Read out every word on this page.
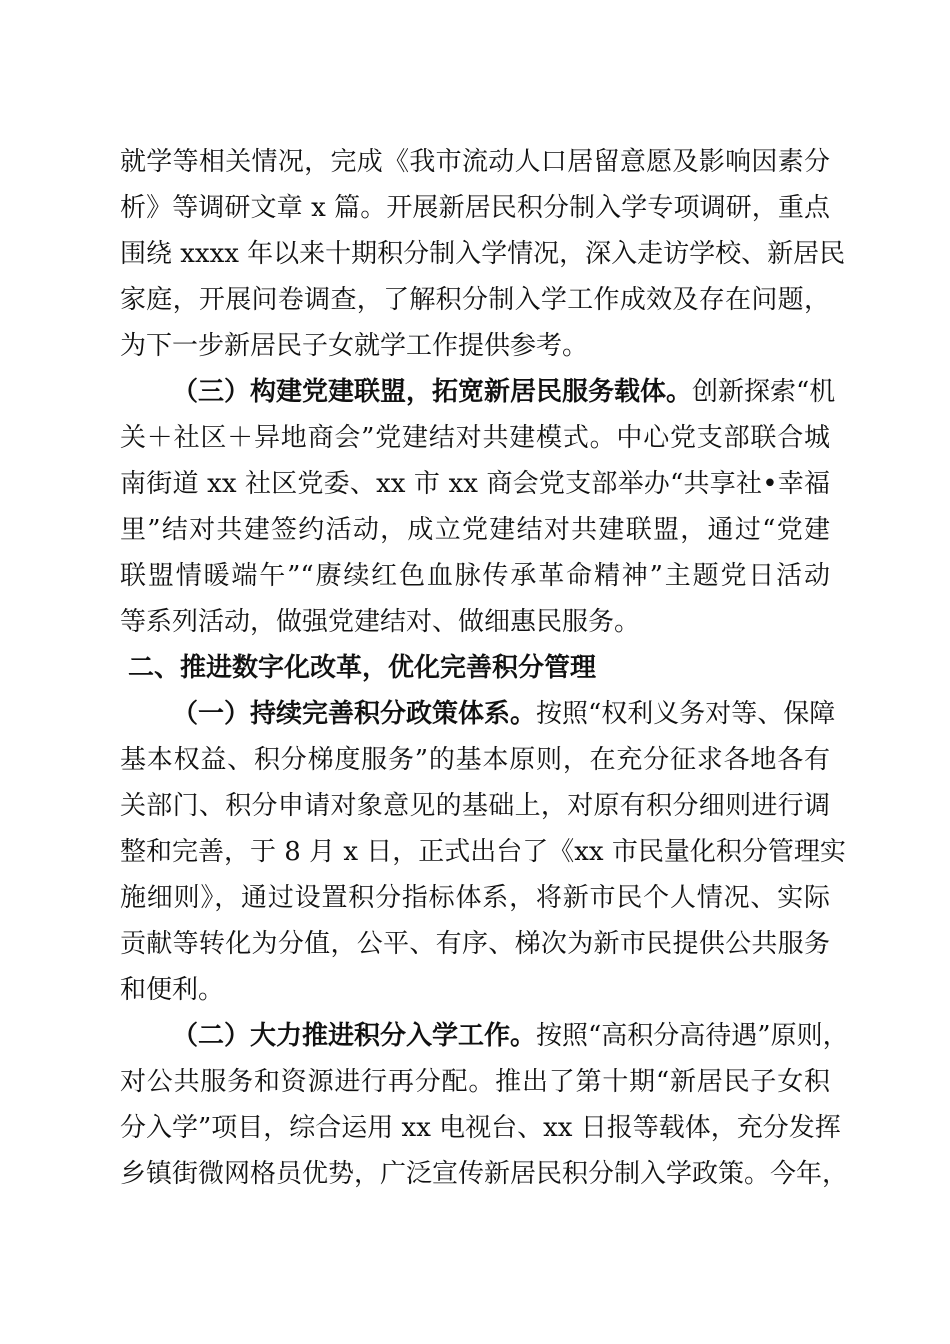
就学等相关情况，完成《我市流动人口居留意愿及影响因素分
析》等调研文章 x 篇。开展新居民积分制入学专项调研，重点
围绕 xxxx 年以来十期积分制入学情况，深入走访学校、新居民
家庭，开展问卷调查，了解积分制入学工作成效及存在问题，
为下一步新居民子女就学工作提供参考。
（三）构建党建联盟，拓宽新居民服务载体。创新探索“机
关＋社区＋异地商会”党建结对共建模式。中心党支部联合城
南街道 xx 社区党委、xx 市 xx 商会党支部举办“共享社•幸福
里”结对共建签约活动，成立党建结对共建联盟，通过“党建
联盟情暖端午”“赓续红色血脉传承革命精神”主题党日活动
等系列活动，做强党建结对、做细惠民服务。
二、推进数字化改革，优化完善积分管理
（一）持续完善积分政策体系。按照“权利义务对等、保障
基本权益、积分梯度服务”的基本原则，在充分征求各地各有
关部门、积分申请对象意见的基础上，对原有积分细则进行调
整和完善，于 8 月 x 日，正式出台了《xx 市民量化积分管理实
施细则》，通过设置积分指标体系，将新市民个人情况、实际
贡献等转化为分值，公平、有序、梯次为新市民提供公共服务
和便利。
（二）大力推进积分入学工作。按照“高积分高待遇”原则，
对公共服务和资源进行再分配。推出了第十期“新居民子女积
分入学”项目，综合运用 xx 电视台、xx 日报等载体，充分发挥
乡镇街微网格员优势，广泛宣传新居民积分制入学政策。今年，
